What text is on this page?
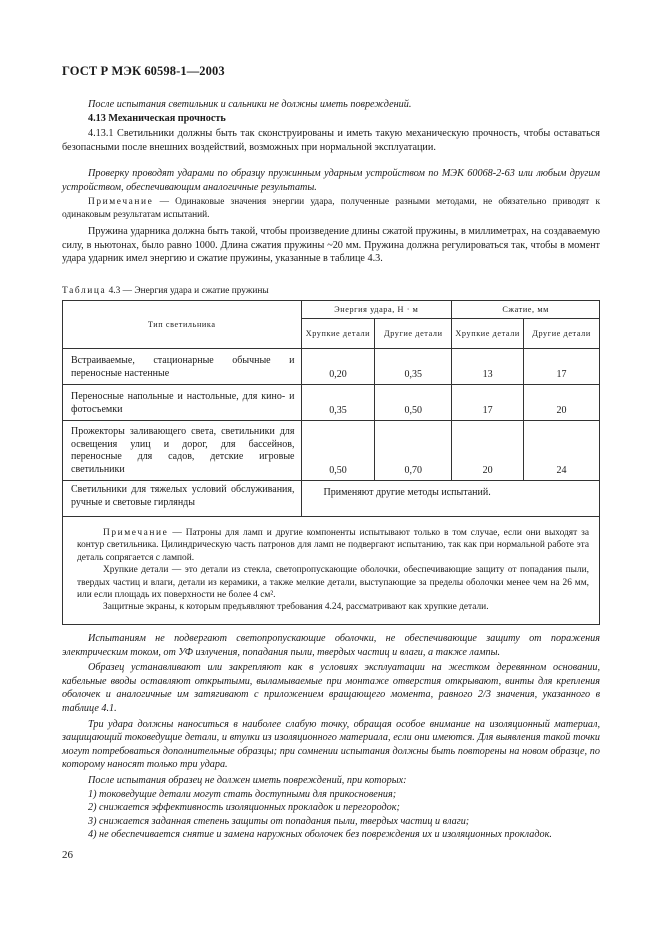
ГОСТ Р МЭК 60598-1—2003

После испытания светильник и сальники не должны иметь повреждений.

4.13 Механическая прочность

4.13.1 Светильники должны быть так сконструированы и иметь такую механическую прочность, чтобы оставаться безопасными после внешних воздействий, возможных при нормальной эксплуатации.

Проверку проводят ударами по образцу пружинным ударным устройством по МЭК 60068-2-63 или любым другим устройством, обеспечивающим аналогичные результаты.

Примечание — Одинаковые значения энергии удара, полученные разными методами, не обязательно приводят к одинаковым результатам испытаний.

Пружина ударника должна быть такой, чтобы произведение длины сжатой пружины, в миллиметрах, на создаваемую силу, в ньютонах, было равно 1000. Длина сжатия пружины ~20 мм. Пружина должна регулироваться так, чтобы в момент удара ударник имел энергию и сжатие пружины, указанные в таблице 4.3.

Таблица 4.3 — Энергия удара и сжатие пружины
Тип светильника	Энергия удара, Н · м		Сжатие, мм	
	Хрупкие детали	Другие детали	Хрупкие детали	Другие детали
Встраиваемые, стационарные обычные и переносные настенные	0,20	0,35	13	17
Переносные напольные и настольные, для кино- и фотосъемки	0,35	0,50	17	20
Прожекторы заливающего света, светильники для освещения улиц и дорог, для бассейнов, переносные для садов, детские игровые светильники	0,50	0,70	20	24
Светильники для тяжелых условий обслуживания, ручные и световые гирлянды	Применяют другие методы испытаний.			

Примечание — Патроны для ламп и другие компоненты испытывают только в том случае, если они выходят за контур светильника. Цилиндрическую часть патронов для ламп не подвергают испытанию, так как при нормальной работе эта деталь сопрягается с лампой.

Хрупкие детали — это детали из стекла, светопропускающие оболочки, обеспечивающие защиту от попадания пыли, твердых частиц и влаги, детали из керамики, а также мелкие детали, выступающие за пределы оболочки менее чем на 26 мм, или если площадь их поверхности не более 4 см².

Защитные экраны, к которым предъявляют требования 4.24, рассматривают как хрупкие детали.				

Испытаниям не подвергают светопропускающие оболочки, не обеспечивающие защиту от поражения электрическим током, от УФ излучения, попадания пыли, твердых частиц и влаги, а также лампы.

Образец устанавливают или закрепляют как в условиях эксплуатации на жестком деревянном основании, кабельные вводы оставляют открытыми, выламываемые при монтаже отверстия открывают, винты для крепления оболочек и аналогичные им затягивают с приложением вращающего момента, равного 2/3 значения, указанного в таблице 4.1.

Три удара должны наноситься в наиболее слабую точку, обращая особое внимание на изоляционный материал, защищающий токоведущие детали, и втулки из изоляционного материала, если они имеются. Для выявления такой точки могут потребоваться дополнительные образцы; при сомнении испытания должны быть повторены на новом образце, по которому наносят только три удара.

После испытания образец не должен иметь повреждений, при которых:

1) токоведущие детали могут стать доступными для прикосновения;

2) снижается эффективность изоляционных прокладок и перегородок;

3) снижается заданная степень защиты от попадания пыли, твердых частиц и влаги;

4) не обеспечивается снятие и замена наружных оболочек без повреждения их и изоляционных прокладок.

26
